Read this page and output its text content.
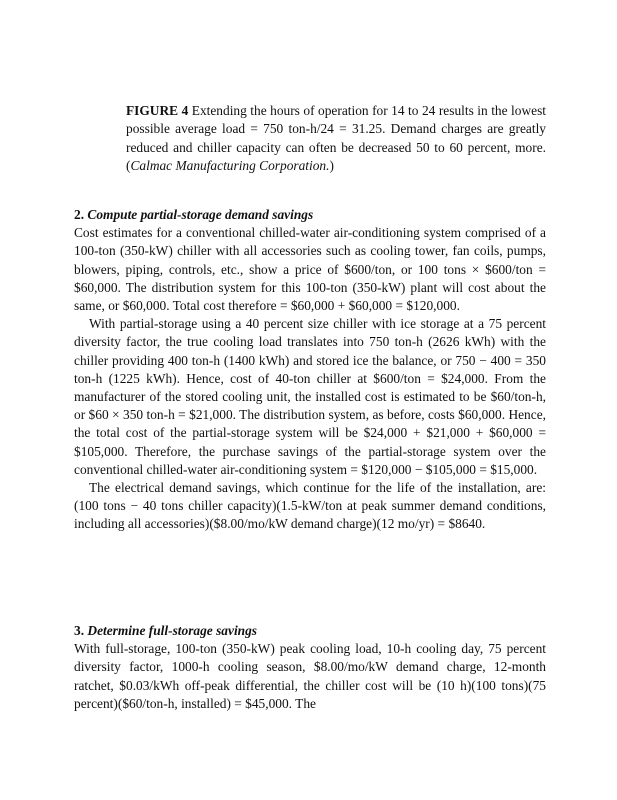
FIGURE 4 Extending the hours of operation for 14 to 24 results in the lowest possible average load = 750 ton-h/24 = 31.25. Demand charges are greatly reduced and chiller capacity can often be decreased 50 to 60 percent, more. (Calmac Manufacturing Corporation.)

2. Compute partial-storage demand savings

Cost estimates for a conventional chilled-water air-conditioning system comprised of a 100-ton (350-kW) chiller with all accessories such as cooling tower, fan coils, pumps, blowers, piping, controls, etc., show a price of $600/ton, or 100 tons × $600/ton = $60,000. The distribution system for this 100-ton (350-kW) plant will cost about the same, or $60,000. Total cost therefore = $60,000 + $60,000 = $120,000.

With partial-storage using a 40 percent size chiller with ice storage at a 75 percent diversity factor, the true cooling load translates into 750 ton-h (2626 kWh) with the chiller providing 400 ton-h (1400 kWh) and stored ice the balance, or 750 − 400 = 350 ton-h (1225 kWh). Hence, cost of 40-ton chiller at $600/ton = $24,000. From the manufacturer of the stored cooling unit, the installed cost is estimated to be $60/ton-h, or $60 × 350 ton-h = $21,000. The distribution system, as before, costs $60,000. Hence, the total cost of the partial-storage system will be $24,000 + $21,000 + $60,000 = $105,000. Therefore, the purchase savings of the partial-storage system over the conventional chilled-water air-conditioning system = $120,000 − $105,000 = $15,000.

The electrical demand savings, which continue for the life of the installation, are: (100 tons − 40 tons chiller capacity)(1.5-kW/ton at peak summer demand conditions, including all accessories)($8.00/mo/kW demand charge)(12 mo/yr) = $8640.

3. Determine full-storage savings

With full-storage, 100-ton (350-kW) peak cooling load, 10-h cooling day, 75 percent diversity factor, 1000-h cooling season, $8.00/mo/kW demand charge, 12-month ratchet, $0.03/kWh off-peak differential, the chiller cost will be (10 h)(100 tons)(75 percent)($60/ton-h, installed) = $45,000. The
